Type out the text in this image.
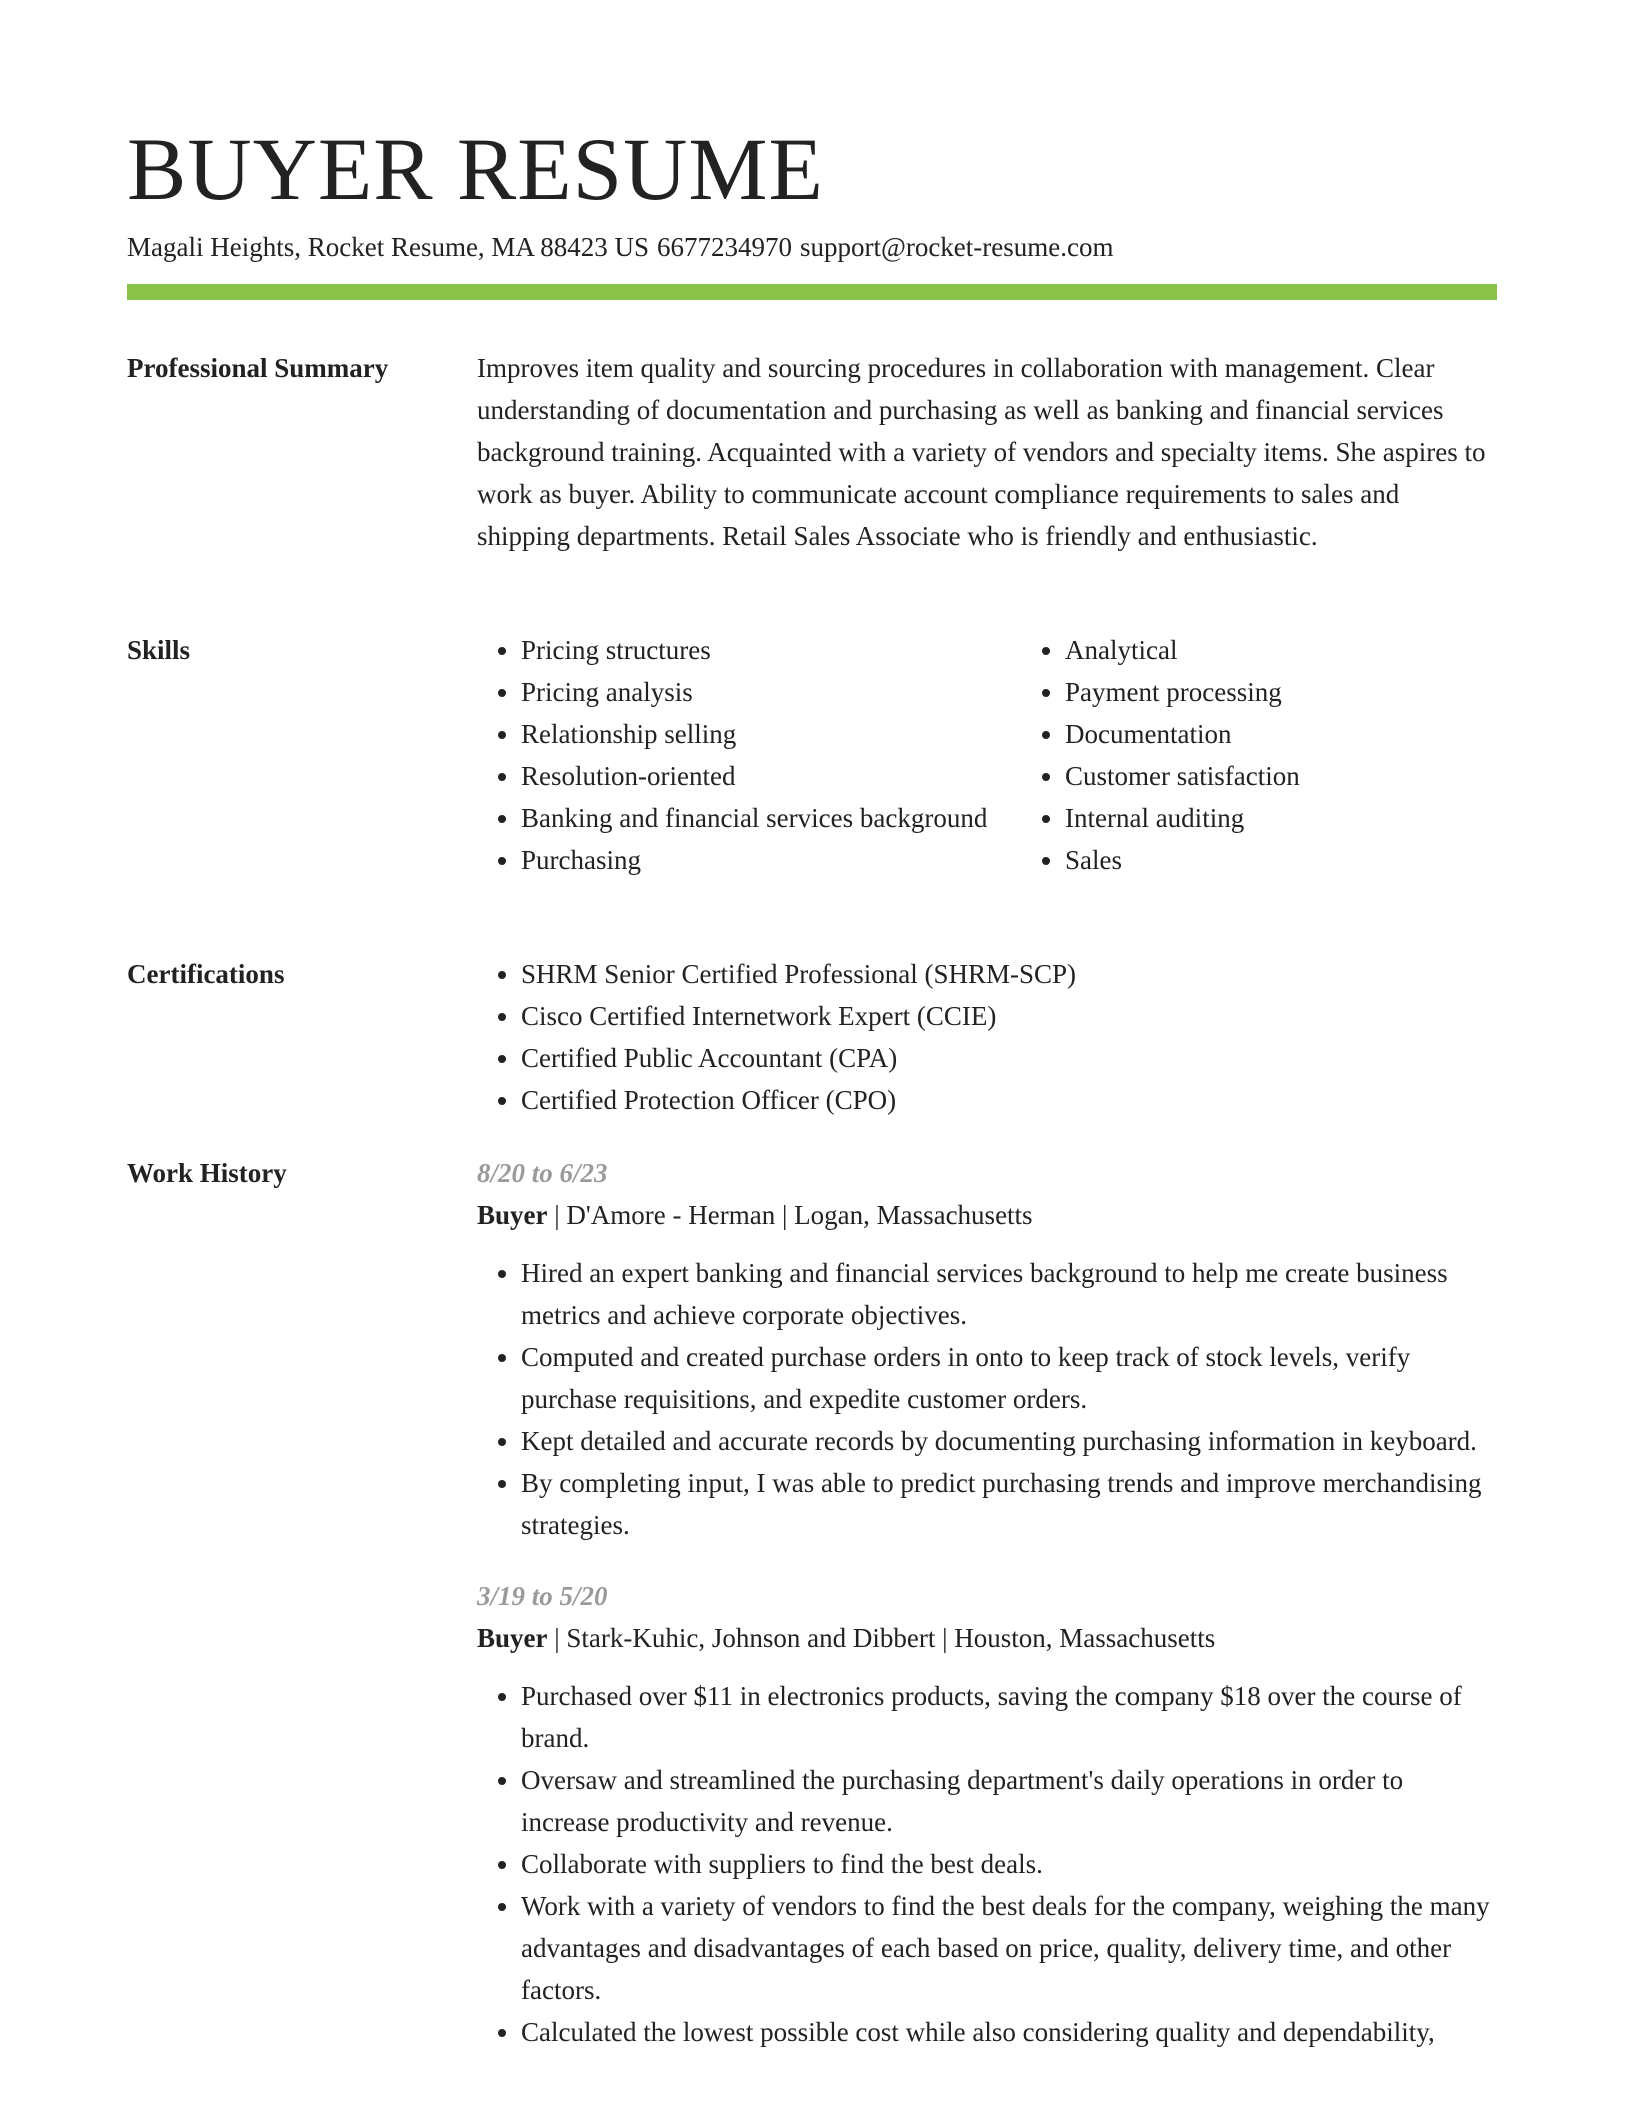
BUYER RESUME
Magali Heights, Rocket Resume, MA 88423 US 6677234970 support@rocket-resume.com
Professional Summary	Improves item quality and sourcing procedures in collaboration with management. Clear understanding of documentation and purchasing as well as banking and financial services background training. Acquainted with a variety of vendors and specialty items. She aspires to work as buyer. Ability to communicate account compliance requirements to sales and shipping departments. Retail Sales Associate who is friendly and enthusiastic.

Skills	• Pricing structures
• Pricing analysis
• Relationship selling
• Resolution-oriented
• Banking and financial services background
• Purchasing
• Analytical
• Payment processing
• Documentation
• Customer satisfaction
• Internal auditing
• Sales
Certifications	• SHRM Senior Certified Professional (SHRM-SCP)
• Cisco Certified Internetwork Expert (CCIE)
• Certified Public Accountant (CPA)
• Certified Protection Officer (CPO)
Work History	8/20 to 6/23

Buyer | D'Amore - Herman | Logan, Massachusetts

• Hired an expert banking and financial services background to help me create business metrics and achieve corporate objectives.
• Computed and created purchase orders in onto to keep track of stock levels, verify purchase requisitions, and expedite customer orders.
• Kept detailed and accurate records by documenting purchasing information in keyboard.
• By completing input, I was able to predict purchasing trends and improve merchandising strategies.

3/19 to 5/20

Buyer | Stark-Kuhic, Johnson and Dibbert | Houston, Massachusetts

• Purchased over $11 in electronics products, saving the company $18 over the course of brand.
• Oversaw and streamlined the purchasing department's daily operations in order to increase productivity and revenue.
• Collaborate with suppliers to find the best deals.
• Work with a variety of vendors to find the best deals for the company, weighing the many advantages and disadvantages of each based on price, quality, delivery time, and other factors.
• Calculated the lowest possible cost while also considering quality and dependability,
